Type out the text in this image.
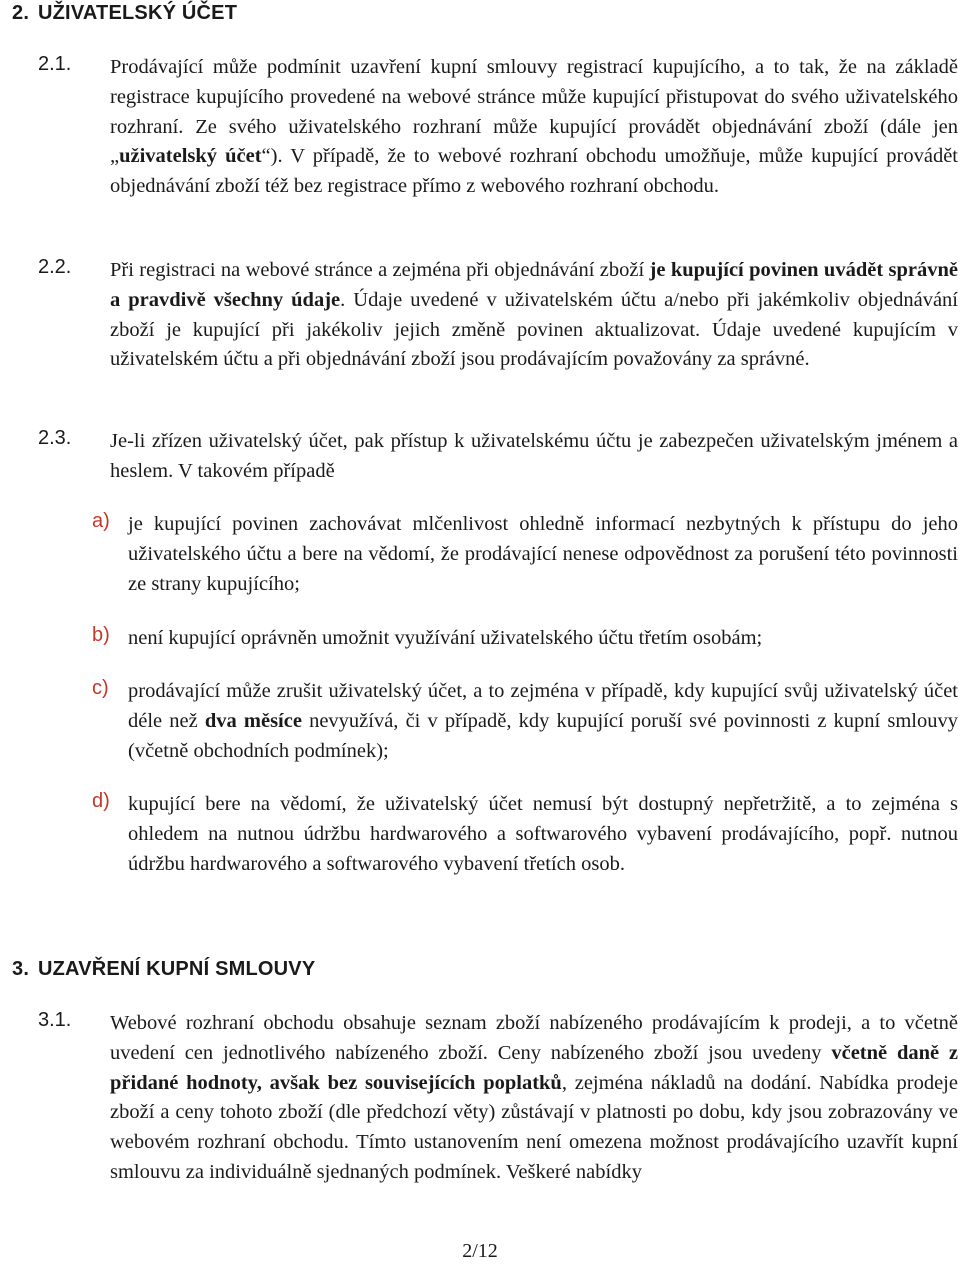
2. UŽIVATELSKÝ ÚČET
2.1. Prodávající může podmínit uzavření kupní smlouvy registrací kupujícího, a to tak, že na základě registrace kupujícího provedené na webové stránce může kupující přistupovat do svého uživatelského rozhraní. Ze svého uživatelského rozhraní může kupující provádět objednávání zboží (dále jen „uživatelský účet“). V případě, že to webové rozhraní obchodu umožňuje, může kupující provádět objednávání zboží též bez registrace přímo z webového rozhraní obchodu.
2.2. Při registraci na webové stránce a zejména při objednávání zboží je kupující povinen uvádět správně a pravdivě všechny údaje. Údaje uvedené v uživatelském účtu a/nebo při jakémkoliv objednávání zboží je kupující při jakékoliv jejich změně povinen aktualizovat. Údaje uvedené kupujícím v uživatelském účtu a při objednávání zboží jsou prodávajícím považovány za správné.
2.3. Je-li zřízen uživatelský účet, pak přístup k uživatelskému účtu je zabezpečen uživatelským jménem a heslem. V takovém případě
a) je kupující povinen zachovávat mlčenlivost ohledně informací nezbytných k přístupu do jeho uživatelského účtu a bere na vědomí, že prodávající nenese odpovědnost za porušení této povinnosti ze strany kupujícího;
b) není kupující oprávněn umožnit využívání uživatelského účtu třetím osobám;
c) prodávající může zrušit uživatelský účet, a to zejména v případě, kdy kupující svůj uživatelský účet déle než dva měsíce nevyužívá, či v případě, kdy kupující poruší své povinnosti z kupní smlouvy (včetně obchodních podmínek);
d) kupující bere na vědomí, že uživatelský účet nemusí být dostupný nepřetržitě, a to zejména s ohledem na nutnou údržbu hardwarového a softwarového vybavení prodávajícího, popř. nutnou údržbu hardwarového a softwarového vybavení třetích osob.
3. UZAVŘENÍ KUPNÍ SMLOUVY
3.1. Webové rozhraní obchodu obsahuje seznam zboží nabízeného prodávajícím k prodeji, a to včetně uvedení cen jednotlivého nabízeného zboží. Ceny nabízeného zboží jsou uvedeny včetně daně z přidané hodnoty, avšak bez souvisejících poplatků, zejména nákladů na dodání. Nabídka prodeje zboží a ceny tohoto zboží (dle předchozí věty) zůstávají v platnosti po dobu, kdy jsou zobrazovány ve webovém rozhraní obchodu. Tímto ustanovením není omezena možnost prodávajícího uzavřít kupní smlouvu za individuálně sjednaných podmínek. Veškeré nabídky
2/12
